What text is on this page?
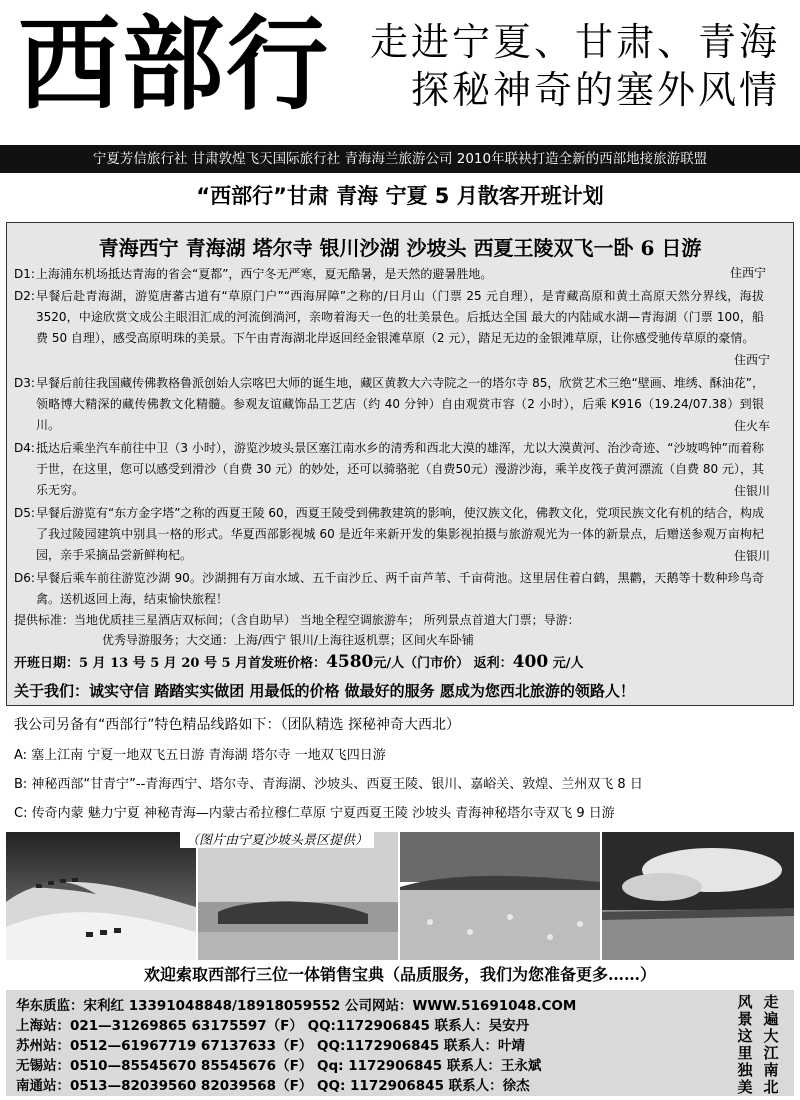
西部行 走进宁夏、甘肃、青海
探秘神奇的塞外风情
宁夏芳信旅行社 甘肃敦煌飞天国际旅行社 青海海兰旅游公司 2010年联袂打造全新的西部地接旅游联盟
“西部行”甘肃 青海 宁夏 5 月散客开班计划
青海西宁 青海湖 塔尔寺 银川沙湖 沙坡头 西夏王陵双飞一卧 6 日游
D1: 上海浦东机场抵达青海的省会“夏都”，西宁冬无严寒，夏无酷暑，是天然的避暑胜地。	住西宁
D2: 早餐后赴青海湖，游览唐蕃古道有“草原门户”“西海屏障”之称的/日月山（门票 25 元自理），是青藏高原和黄土高原天然分界线，海拔 3520，中途欣赏文成公主眼泪汇成的河流倒淌河，亲吻着海天一色的壮美景色。后抵达全国 最大的内陆咸水湖—青海湖（门票 100，船费 50 自理），感受高原明珠的美景。下午由青海湖北岸返回经金银滩草原（2 元），踏足无边的金银滩草原，让你感受驰传草原的豪情。
住西宁
D3: 早餐后前往我国藏传佛教格鲁派创始人宗喀巴大师的诞生地，藏区黄教大六寺院之一的塔尔寺 85，欣赏艺术三绝“壁画、堆绣、酥油花”，领略博大精深的藏传佛教文化精髓。参观友谊藏饰品工艺店（约 40 分钟）自由观赏市容（2 小时），后乘 K916（19.24/07.38）到银川。	住火车
D4: 抵达后乘坐汽车前往中卫（3 小时），游览沙坡头景区塞江南水乡的清秀和西北大漠的雄浑，尤以大漠黄河、治沙奇迹、“沙坡鸣钟”而着称于世，在这里，您可以感受到滑沙（自费 30 元）的妙处，还可以骑骆驼（自费50元）漫游沙海，乘羊皮筏子黄河漂流（自费 80 元），其乐无穷。	住银川
D5: 早餐后游览有“东方金字塔”之称的西夏王陵 60，西夏王陵受到佛教建筑的影响，使汉族文化，佛教文化，党项民族文化有机的结合，构成了我过陵园建筑中别具一格的形式。华夏西部影视城 60 是近年来新开发的集影视拍摄与旅游观光为一体的新景点，后赠送参观万亩枸杞园，亲手采摘品尝新鲜枸杞。	住银川
D6: 早餐后乘车前往游览沙湖 90。沙湖拥有万亩水域、五千亩沙丘、两千亩芦苇、千亩荷池。这里居住着白鹤，黑鹳，天鹅等十数种珍鸟奇禽。送机返回上海，结束愉快旅程！
提供标准：当地优质挂三星酒店双标间；（含自助早） 当地全程空调旅游车； 所列景点首道大门票；导游：
优秀导游服务；大交通：上海/西宁 银川/上海往返机票；区间火车卧铺
开班日期：5 月 13 号 5 月 20 号 5 月首发班价格：4580元/人（门市价） 返利：400 元/人
关于我们：诚实守信 踏踏实实做团 用最低的价格 做最好的服务 愿成为您西北旅游的领路人！
我公司另备有“西部行”特色精品线路如下：（团队精选 探秘神奇大西北）
A: 塞上江南 宁夏一地双飞五日游 青海湖 塔尔寺 一地双飞四日游
B: 神秘西部“甘青宁”--青海西宁、塔尔寺、青海湖、沙坡头、西夏王陵、银川、嘉峪关、敦煌、兰州双飞 8 日
C: 传奇内蒙 魅力宁夏 神秘青海—内蒙古希拉穆仁草原 宁夏西夏王陵 沙坡头 青海神秘塔尔寺双飞 9 日游
（图片由宁夏沙坡头景区提供）
欢迎索取西部行三位一体销售宝典（品质服务，我们为您准备更多……）
华东质监：宋利红 13391048848/18918059552 公司网站：WWW.51691048.COM
上海站：021—31269865 63175597（F） QQ:1172906845 联系人：吴安丹
苏州站：0512—61967719 67137633（F） QQ:1172906845 联系人：叶靖
无锡站：0510—85545670 85545676（F） Qq: 1172906845 联系人：王永斌
南通站：0513—82039560 82039568（F） QQ: 1172906845 联系人：徐杰
风景这里独美
走遍大江南北
